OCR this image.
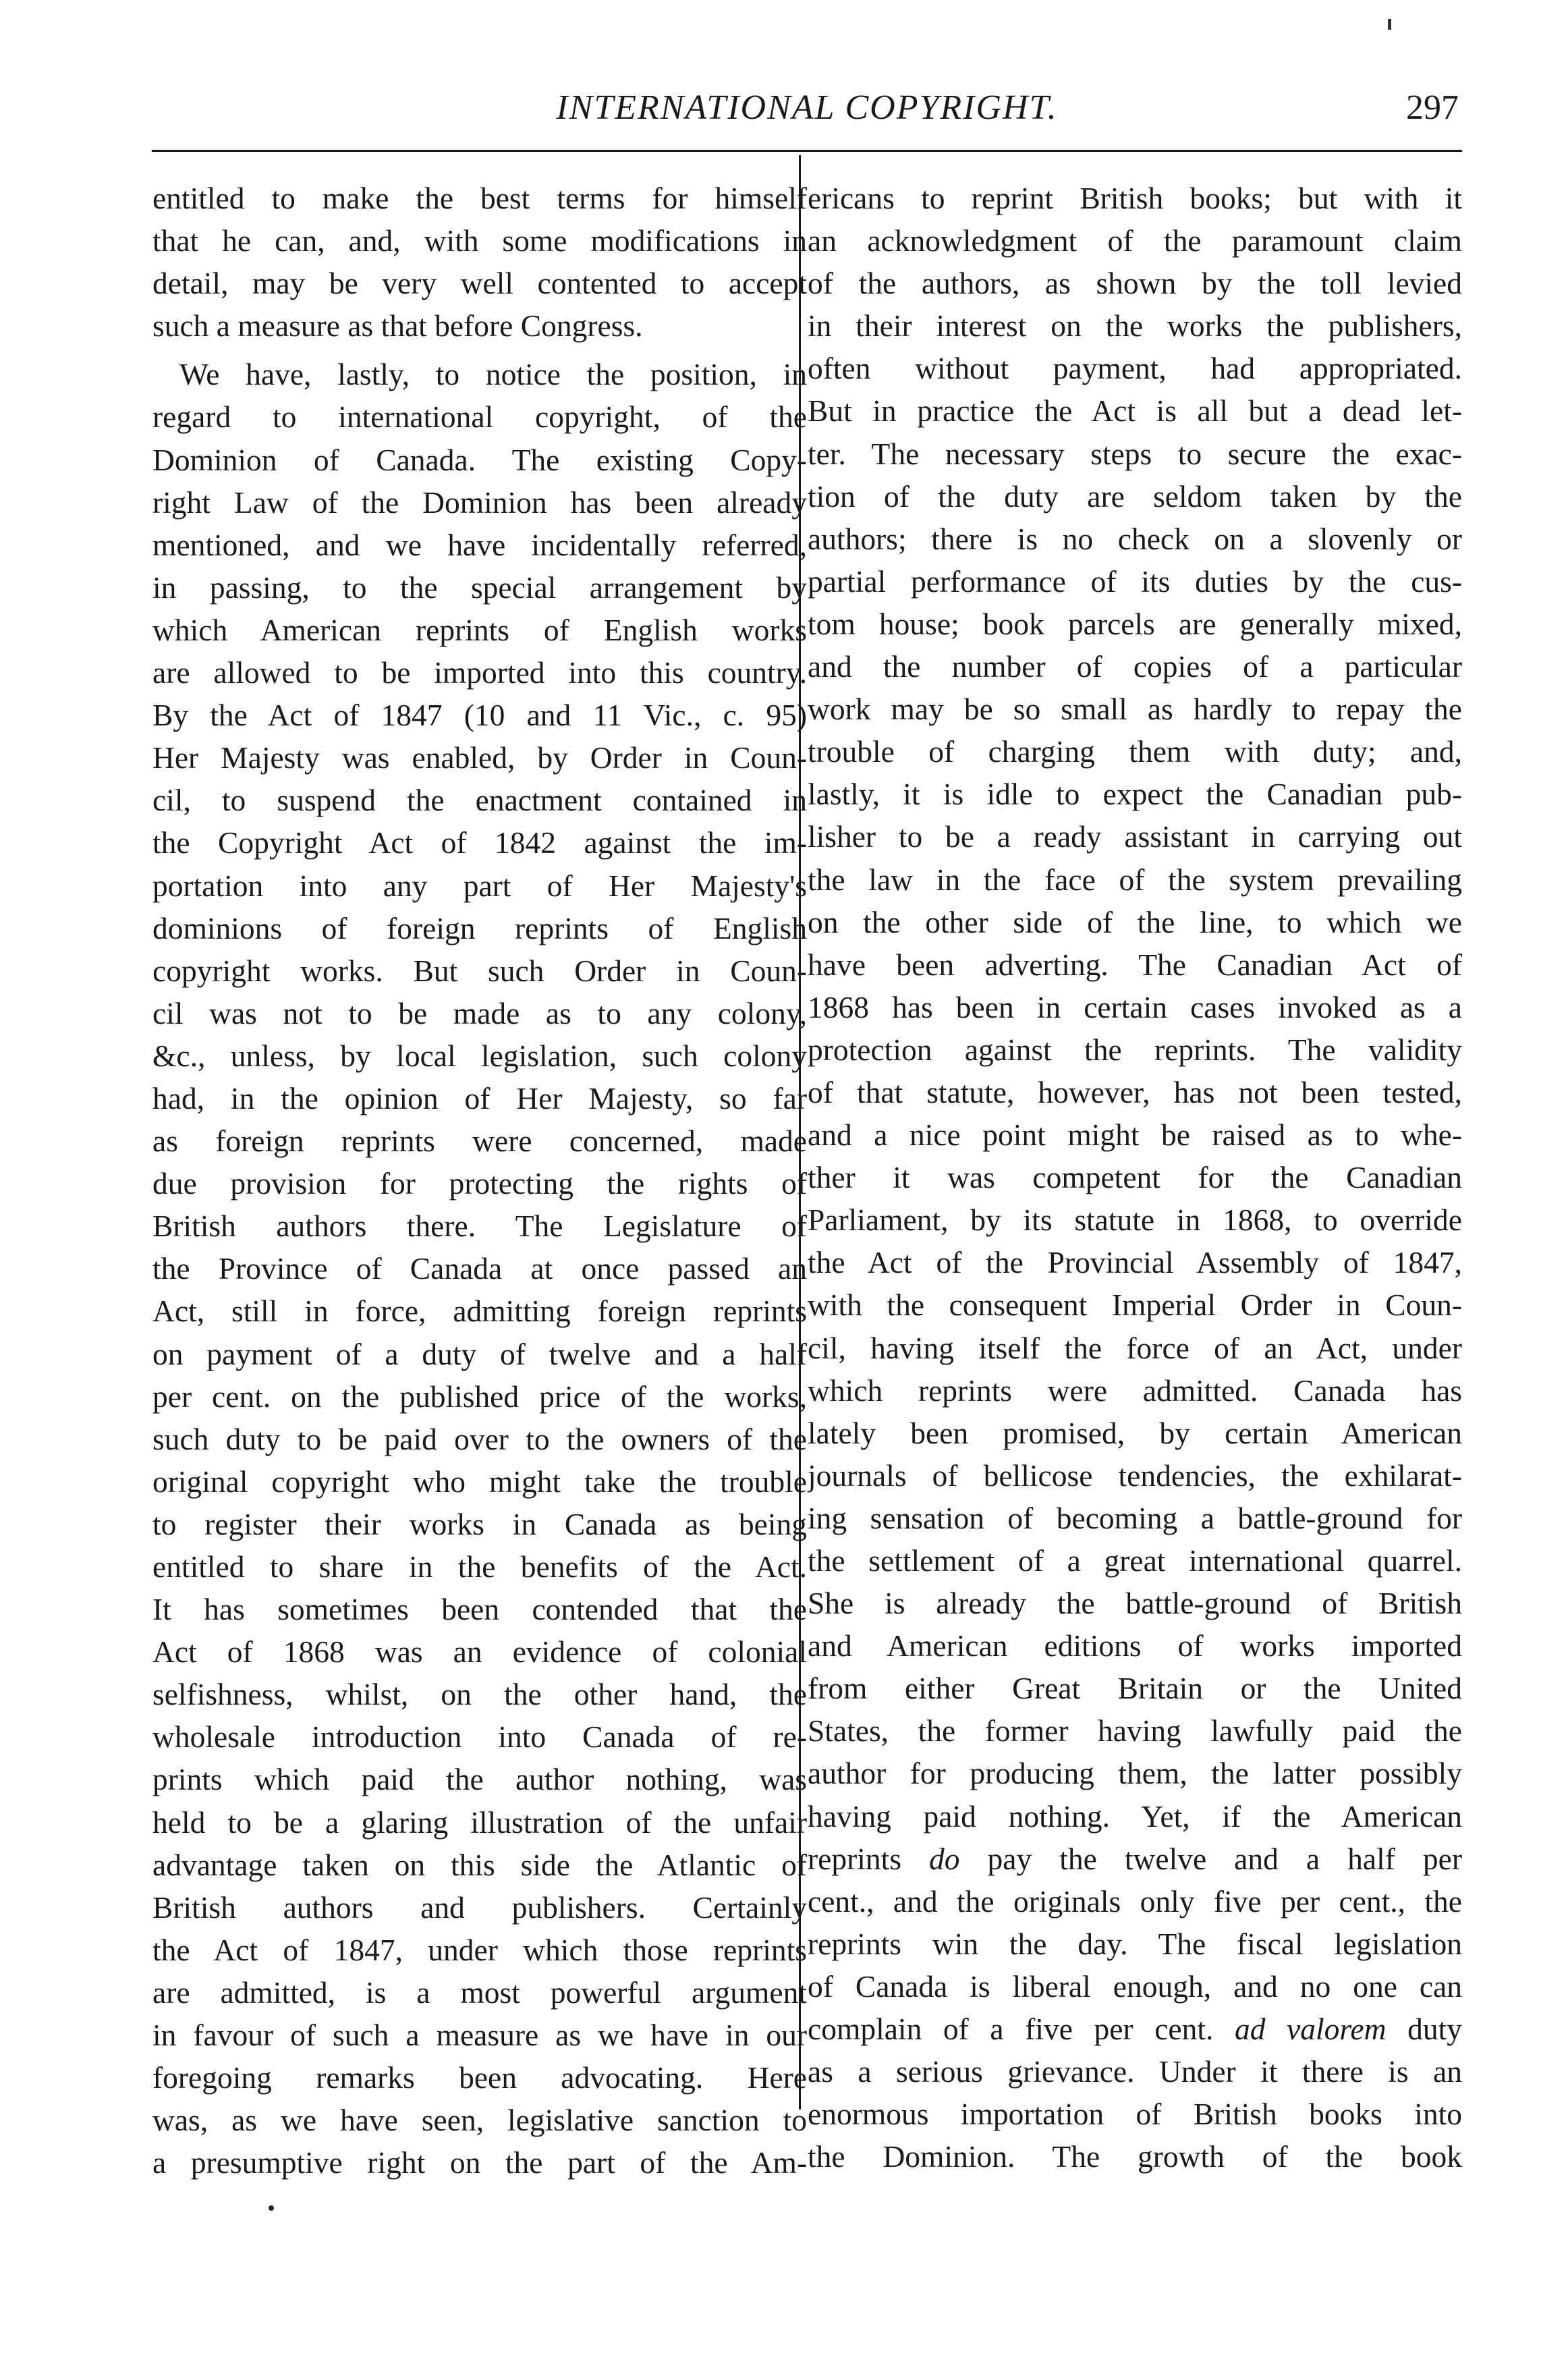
INTERNATIONAL COPYRIGHT.	297
entitled to make the best terms for himself
that he can, and, with some modifications in
detail, may be very well contented to accept
such a measure as that before Congress.
We have, lastly, to notice the position, in
regard to international copyright, of the
Dominion of Canada. The existing Copy-
right Law of the Dominion has been already
mentioned, and we have incidentally referred,
in passing, to the special arrangement by
which American reprints of English works
are allowed to be imported into this country.
By the Act of 1847 (10 and 11 Vic., c. 95)
Her Majesty was enabled, by Order in Coun-
cil, to suspend the enactment contained in
the Copyright Act of 1842 against the im-
portation into any part of Her Majesty's
dominions of foreign reprints of English
copyright works. But such Order in Coun-
cil was not to be made as to any colony,
&c., unless, by local legislation, such colony
had, in the opinion of Her Majesty, so far
as foreign reprints were concerned, made
due provision for protecting the rights of
British authors there. The Legislature of
the Province of Canada at once passed an
Act, still in force, admitting foreign reprints
on payment of a duty of twelve and a half
per cent. on the published price of the works,
such duty to be paid over to the owners of the
original copyright who might take the trouble
to register their works in Canada as being
entitled to share in the benefits of the Act.
It has sometimes been contended that the
Act of 1868 was an evidence of colonial
selfishness, whilst, on the other hand, the
wholesale introduction into Canada of re-
prints which paid the author nothing, was
held to be a glaring illustration of the unfair
advantage taken on this side the Atlantic of
British authors and publishers. Certainly
the Act of 1847, under which those reprints
are admitted, is a most powerful argument
in favour of such a measure as we have in our
foregoing remarks been advocating. Here
was, as we have seen, legislative sanction to
a presumptive right on the part of the Am-
ericans to reprint British books; but with it
an acknowledgment of the paramount claim
of the authors, as shown by the toll levied
in their interest on the works the publishers,
often without payment, had appropriated.
But in practice the Act is all but a dead let-
ter. The necessary steps to secure the exac-
tion of the duty are seldom taken by the
authors; there is no check on a slovenly or
partial performance of its duties by the cus-
tom house; book parcels are generally mixed,
and the number of copies of a particular
work may be so small as hardly to repay the
trouble of charging them with duty; and,
lastly, it is idle to expect the Canadian pub-
lisher to be a ready assistant in carrying out
the law in the face of the system prevailing
on the other side of the line, to which we
have been adverting. The Canadian Act of
1868 has been in certain cases invoked as a
protection against the reprints. The validity
of that statute, however, has not been tested,
and a nice point might be raised as to whe-
ther it was competent for the Canadian
Parliament, by its statute in 1868, to override
the Act of the Provincial Assembly of 1847,
with the consequent Imperial Order in Coun-
cil, having itself the force of an Act, under
which reprints were admitted. Canada has
lately been promised, by certain American
journals of bellicose tendencies, the exhilarat-
ing sensation of becoming a battle-ground for
the settlement of a great international quarrel.
She is already the battle-ground of British
and American editions of works imported
from either Great Britain or the United
States, the former having lawfully paid the
author for producing them, the latter possibly
having paid nothing. Yet, if the American
reprints do pay the twelve and a half per
cent., and the originals only five per cent., the
reprints win the day. The fiscal legislation
of Canada is liberal enough, and no one can
complain of a five per cent. ad valorem duty
as a serious grievance. Under it there is an
enormous importation of British books into
the Dominion. The growth of the book
